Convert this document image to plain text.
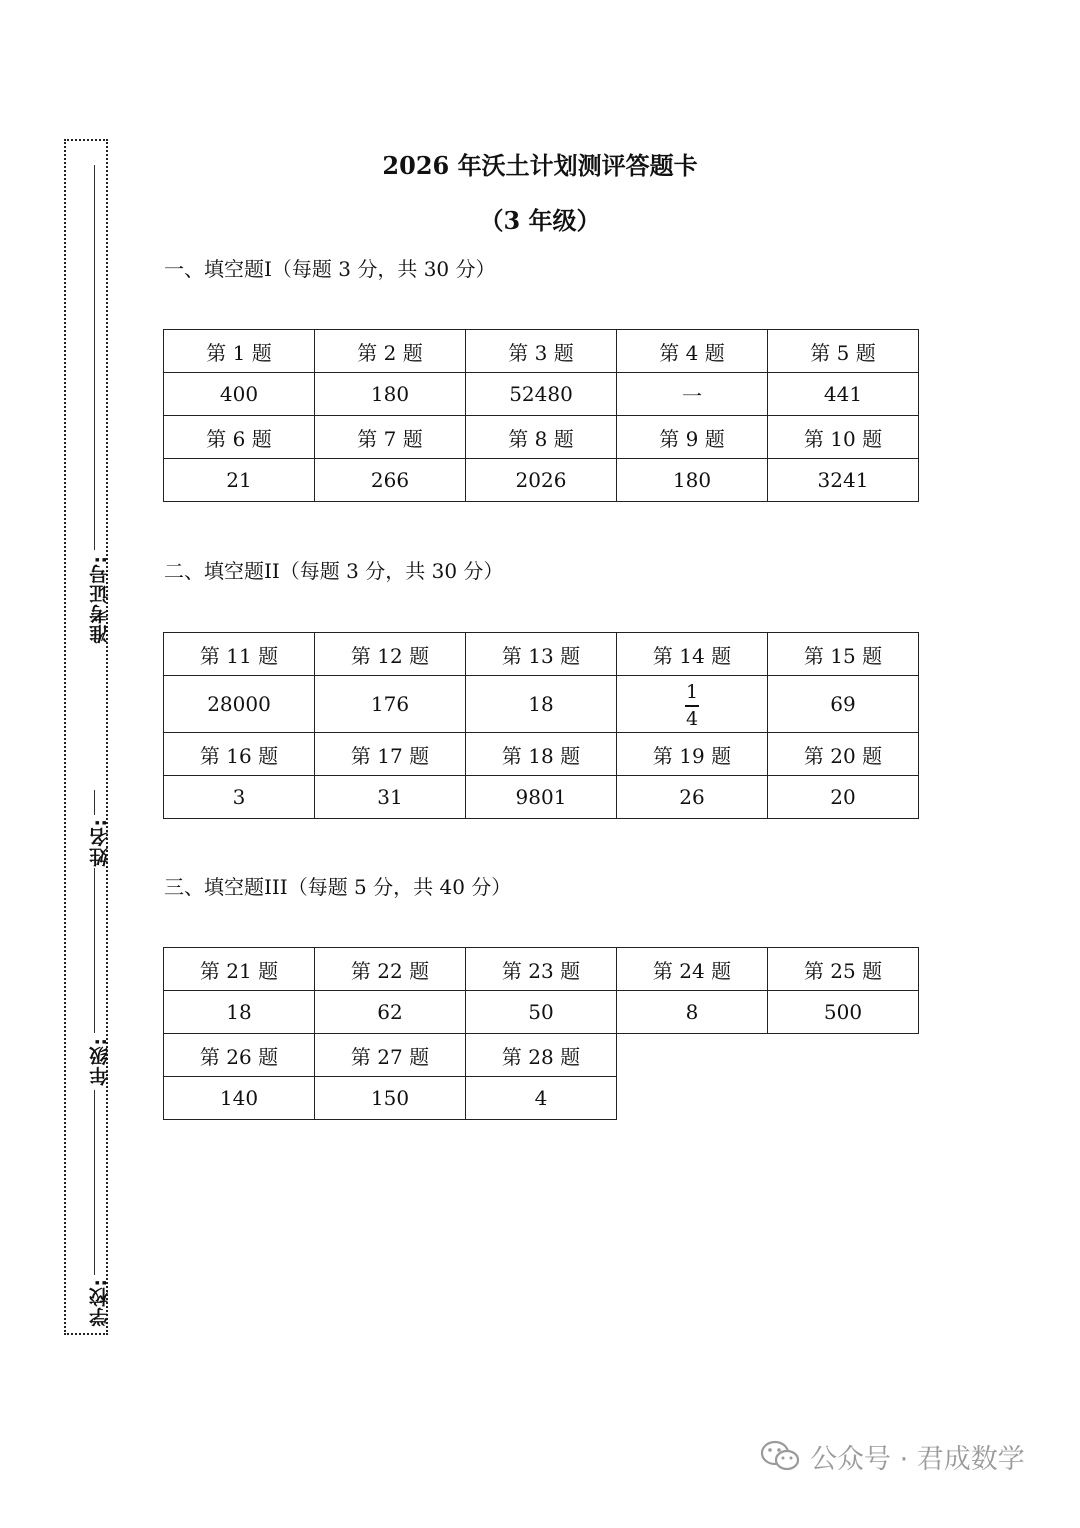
准考证号:
姓名:
年级:
学校:
2026 年沃土计划测评答题卡
（3 年级）
一、填空题I（每题 3 分，共 30 分）
第 1 题	第 2 题	第 3 题	第 4 题	第 5 题
400	180	52480	一	441
第 6 题	第 7 题	第 8 题	第 9 题	第 10 题
21	266	2026	180	3241
二、填空题II（每题 3 分，共 30 分）
第 11 题	第 12 题	第 13 题	第 14 题	第 15 题
28000	176	18	$\frac{1}{4}$	69
第 16 题	第 17 题	第 18 题	第 19 题	第 20 题
3	31	9801	26	20
三、填空题III（每题 5 分，共 40 分）
第 21 题	第 22 题	第 23 题	第 24 题	第 25 题
18	62	50	8	500
第 26 题	第 27 题	第 28 题		
140	150	4		
公众号 · 君成数学
